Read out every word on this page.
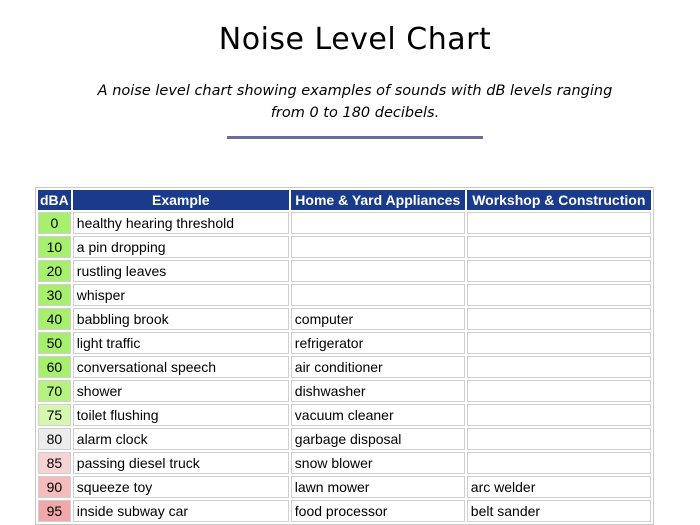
Noise Level Chart

A noise level chart showing examples of sounds with dB levels ranging
from 0 to 180 decibels.

dBA	Example	Home & Yard Appliances	Workshop & Construction
0	healthy hearing threshold		
10	a pin dropping		
20	rustling leaves		
30	whisper		
40	babbling brook	computer	
50	light traffic	refrigerator	
60	conversational speech	air conditioner	
70	shower	dishwasher	
75	toilet flushing	vacuum cleaner	
80	alarm clock	garbage disposal	
85	passing diesel truck	snow blower	
90	squeeze toy	lawn mower	arc welder
95	inside subway car	food processor	belt sander
